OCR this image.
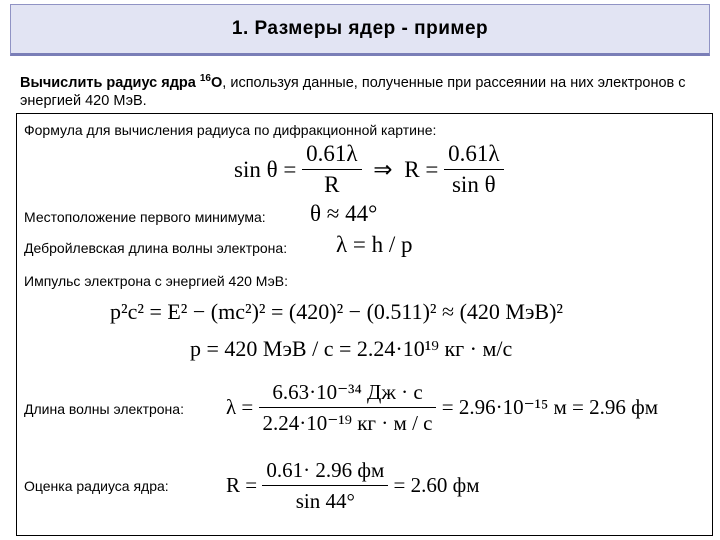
1. Размеры ядер - пример
Вычислить радиус ядра $^{16}$O, используя данные, полученные при рассеянии на них электронов с энергией 420 МэВ.
Формула для вычисления радиуса по дифракционной картине:
$\sin \theta = \frac{0.61\lambda}{R}$ ⇒ $R = \frac{0.61\lambda}{\text{sin θ}}$
Местоположение первого минимума: θ ≈ 44°
Дебройлевская длина волны электрона: λ = h / p
Импульс электрона с энергией 420 МэВ:
p²c² = E² − (mc²)² = (420)² − (0.511)² ≈ (420 МэВ)²
p = 420 МэВ / c = 2.24·10¹⁹ кг · м/с
Длина волны электрона: $\lambda = \frac{\text{6.63·10⁻³⁴ Дж · с}}{\text{2.24·10⁻¹⁹ кг · м / с}} = 2.96\cdot 10^{-15}$ м = 2.96 фм
Оценка радиуса ядра:	$R = \frac{0.61\cdot 2.96 фм}{\sin 44^\circ} = 2.60$ фм
